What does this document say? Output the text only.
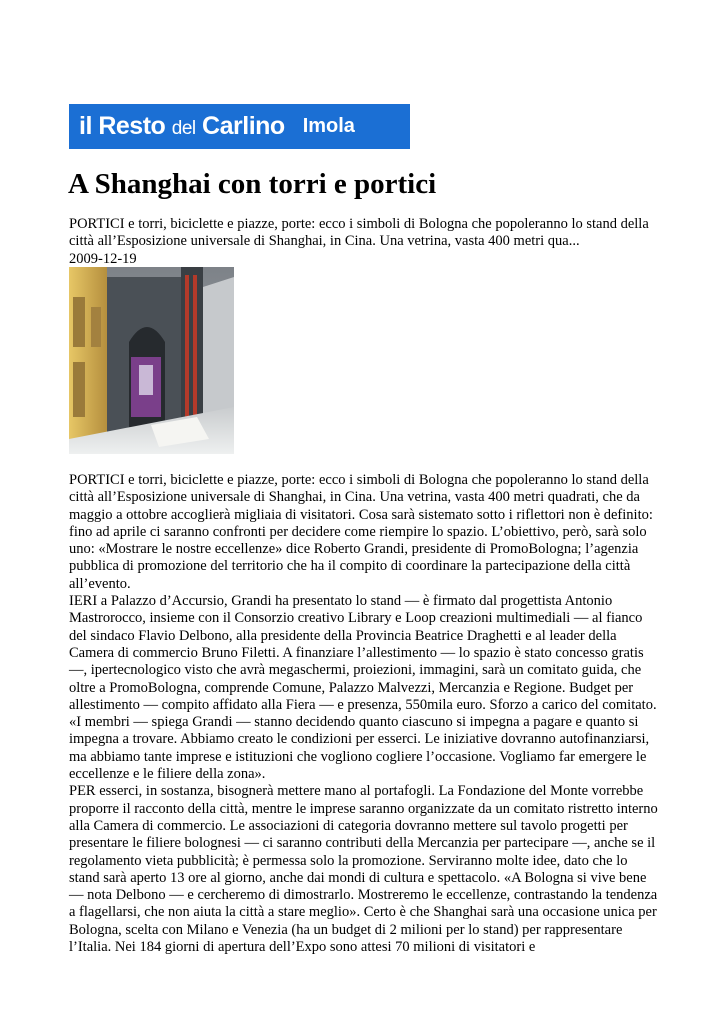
il Resto del Carlino Imola
A Shanghai con torri e portici

PORTICI e torri, biciclette e piazze, porte: ecco i simboli di Bologna che popoleranno lo stand della città all’Esposizione universale di Shanghai, in Cina. Una vetrina, vasta 400 metri qua...

2009-12-19

PORTICI e torri, biciclette e piazze, porte: ecco i simboli di Bologna che popoleranno lo stand della città all’Esposizione universale di Shanghai, in Cina. Una vetrina, vasta 400 metri quadrati, che da maggio a ottobre accoglierà migliaia di visitatori. Cosa sarà sistemato sotto i riflettori non è definito: fino ad aprile ci saranno confronti per decidere come riempire lo spazio. L’obiettivo, però, sarà solo uno: «Mostrare le nostre eccellenze» dice Roberto Grandi, presidente di PromoBologna; l’agenzia pubblica di promozione del territorio che ha il compito di coordinare la partecipazione della città all’evento.

IERI a Palazzo d’Accursio, Grandi ha presentato lo stand — è firmato dal progettista Antonio Mastrorocco, insieme con il Consorzio creativo Library e Loop creazioni multimediali — al fianco del sindaco Flavio Delbono, alla presidente della Provincia Beatrice Draghetti e al leader della Camera di commercio Bruno Filetti. A finanziare l’allestimento — lo spazio è stato concesso gratis —, ipertecnologico visto che avrà megaschermi, proiezioni, immagini, sarà un comitato guida, che oltre a PromoBologna, comprende Comune, Palazzo Malvezzi, Mercanzia e Regione. Budget per allestimento — compito affidato alla Fiera — e presenza, 550mila euro. Sforzo a carico del comitato. «I membri — spiega Grandi — stanno decidendo quanto ciascuno si impegna a pagare e quanto si impegna a trovare. Abbiamo creato le condizioni per esserci. Le iniziative dovranno autofinanziarsi, ma abbiamo tante imprese e istituzioni che vogliono cogliere l’occasione. Vogliamo far emergere le eccellenze e le filiere della zona».

PER esserci, in sostanza, bisognerà mettere mano al portafogli. La Fondazione del Monte vorrebbe proporre il racconto della città, mentre le imprese saranno organizzate da un comitato ristretto interno alla Camera di commercio. Le associazioni di categoria dovranno mettere sul tavolo progetti per presentare le filiere bolognesi — ci saranno contributi della Mercanzia per partecipare —, anche se il regolamento vieta pubblicità; è permessa solo la promozione. Serviranno molte idee, dato che lo stand sarà aperto 13 ore al giorno, anche dai mondi di cultura e spettacolo. «A Bologna si vive bene — nota Delbono — e cercheremo di dimostrarlo. Mostreremo le eccellenze, contrastando la tendenza a flagellarsi, che non aiuta la città a stare meglio». Certo è che Shanghai sarà una occasione unica per Bologna, scelta con Milano e Venezia (ha un budget di 2 milioni per lo stand) per rappresentare l’Italia. Nei 184 giorni di apertura dell’Expo sono attesi 70 milioni di visitatori e
